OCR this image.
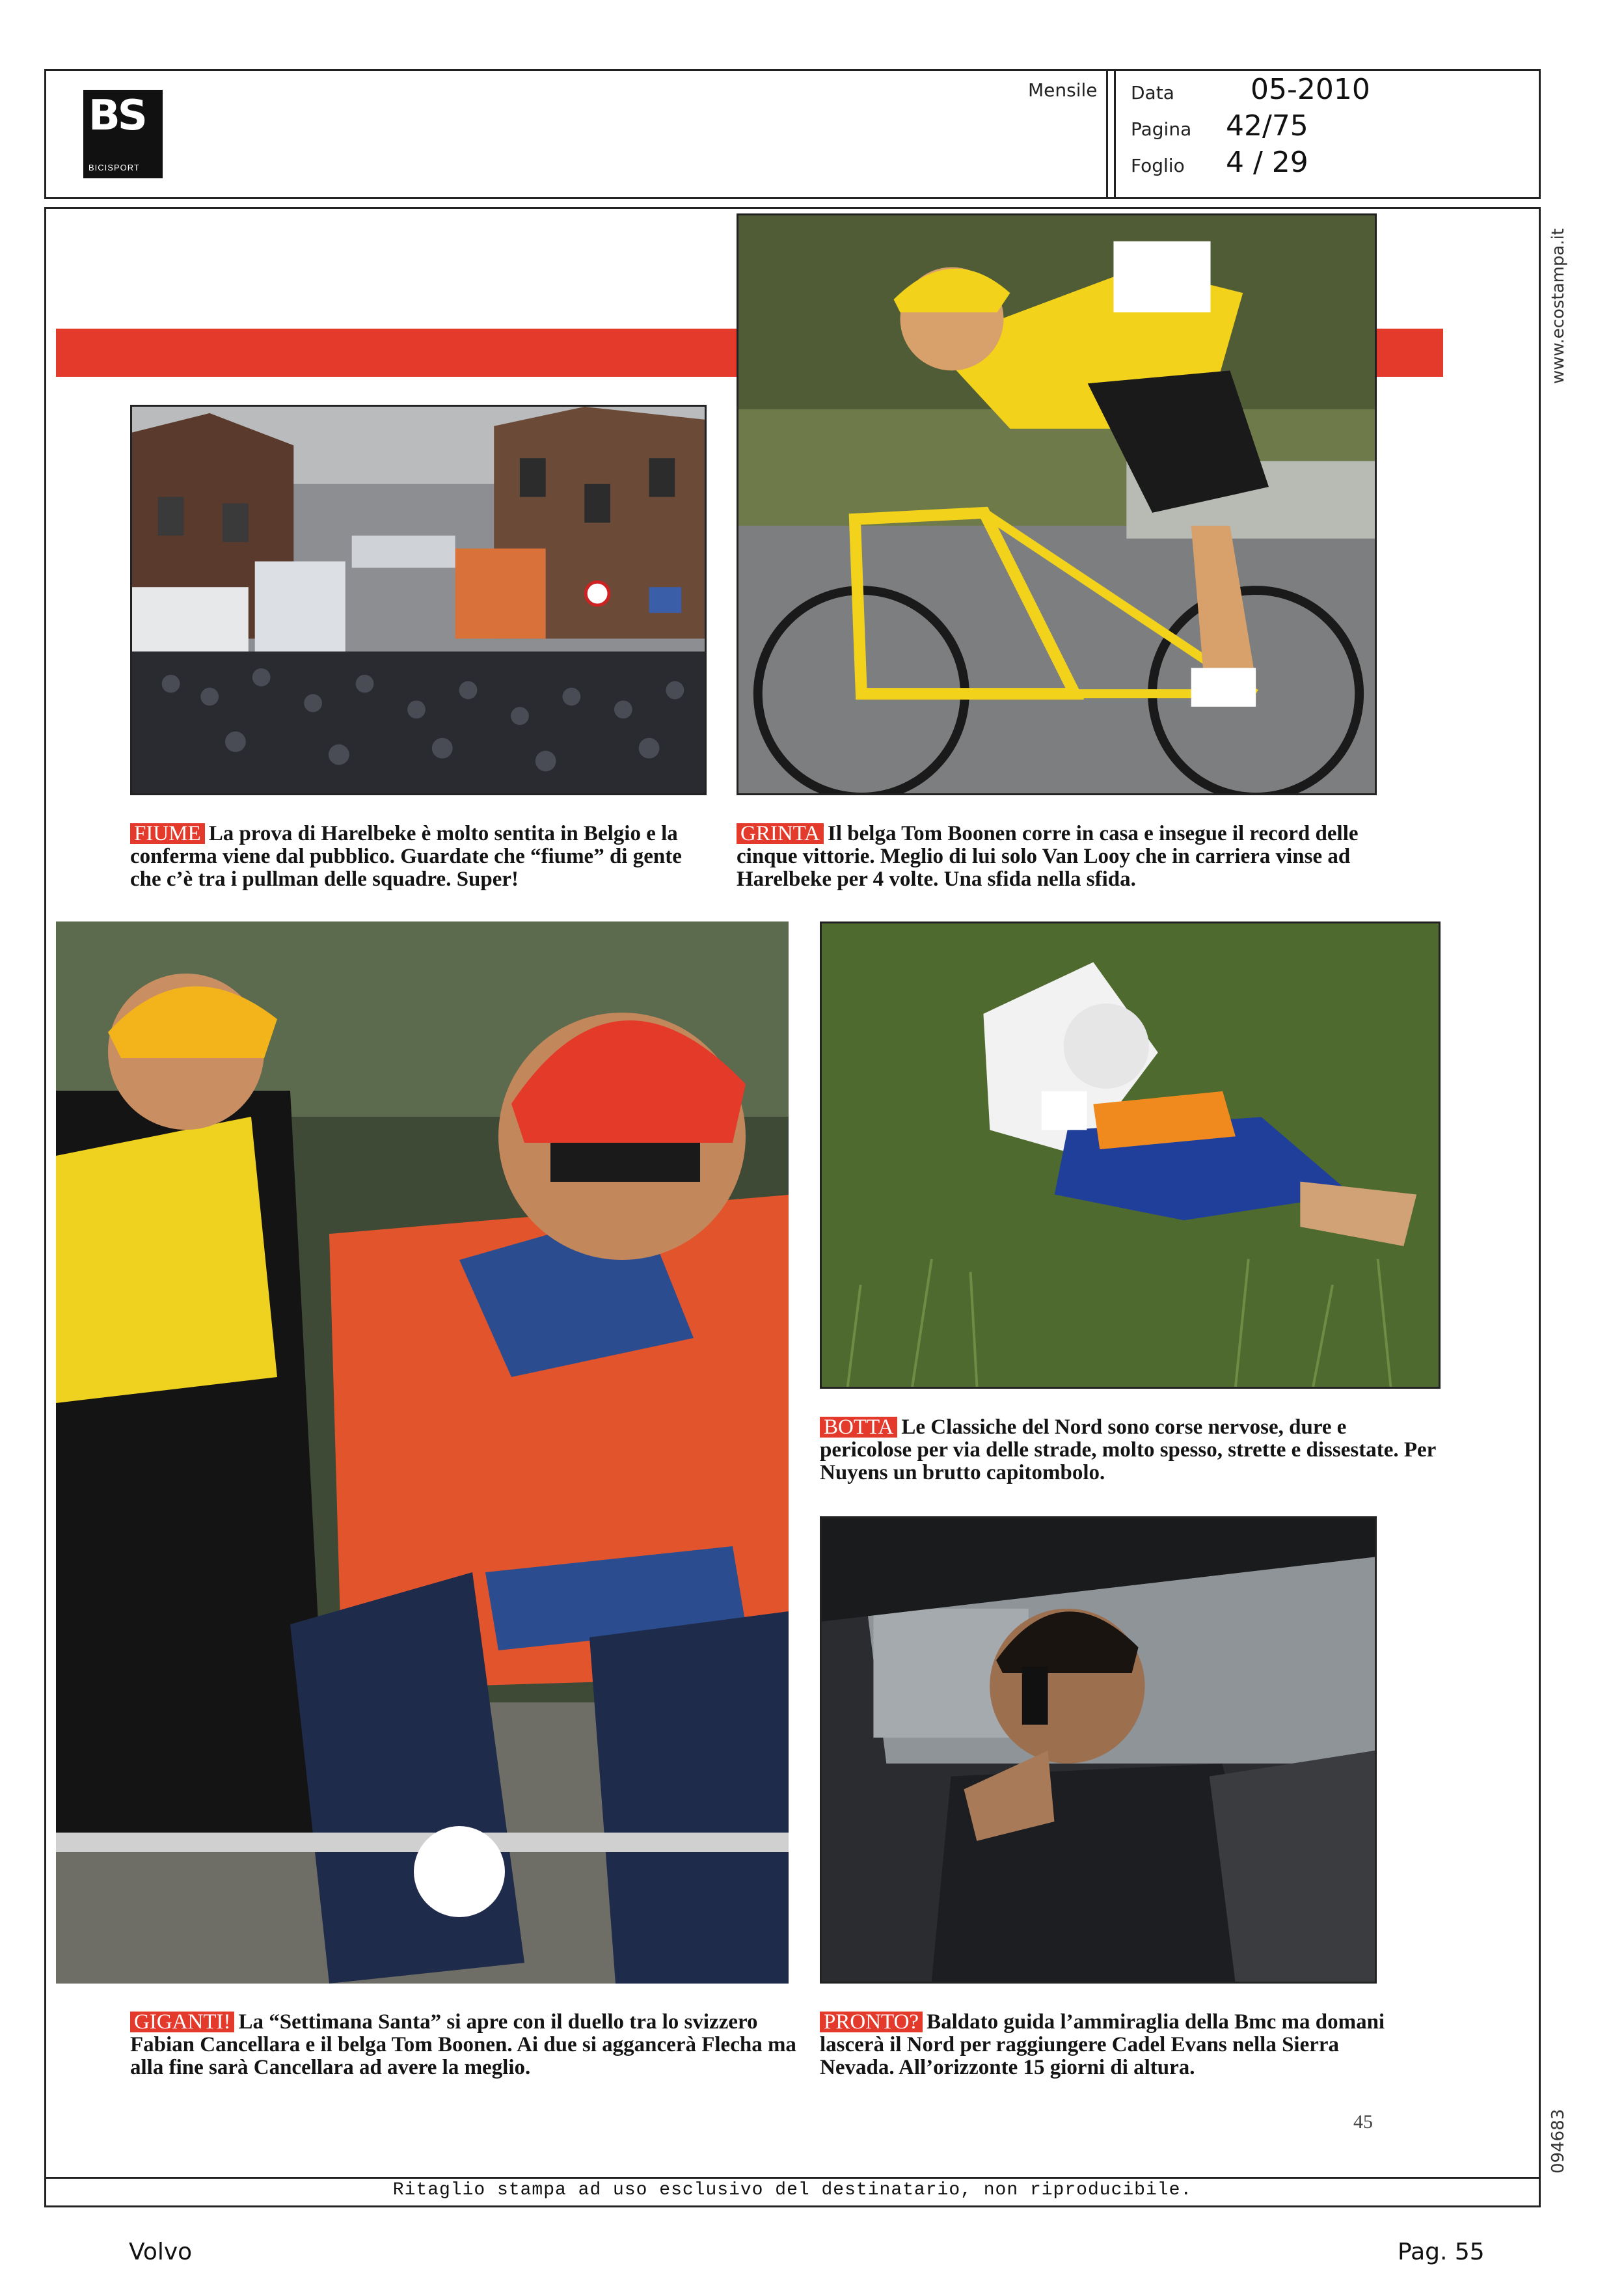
BS
BICISPORT
Mensile Data	05-2010
Pagina 42/75
Foglio 4 / 29
www.ecostampa.it
094683
FIUME La prova di Harelbeke è molto sentita in Belgio e la conferma viene dal pubblico. Guardate che “fiume” di gente che c’è tra i pullman delle squadre. Super!
GRINTA Il belga Tom Boonen corre in casa e insegue il record delle cinque vittorie. Meglio di lui solo Van Looy che in carriera vinse ad Harelbeke per 4 volte. Una sfida nella sfida.
BOTTA Le Classiche del Nord sono corse nervose, dure e pericolose per via delle strade, molto spesso, strette e dissestate. Per Nuyens un brutto capitombolo.
GIGANTI! La “Settimana Santa” si apre con il duello tra lo svizzero Fabian Cancellara e il belga Tom Boonen. Ai due si aggancerà Flecha ma alla fine sarà Cancellara ad avere la meglio.
PRONTO? Baldato guida l’ammiraglia della Bmc ma domani lascerà il Nord per raggiungere Cadel Evans nella Sierra Nevada. All’orizzonte 15 giorni di altura.
45
Ritaglio stampa ad uso esclusivo del destinatario, non riproducibile.
Volvo	Pag. 55
